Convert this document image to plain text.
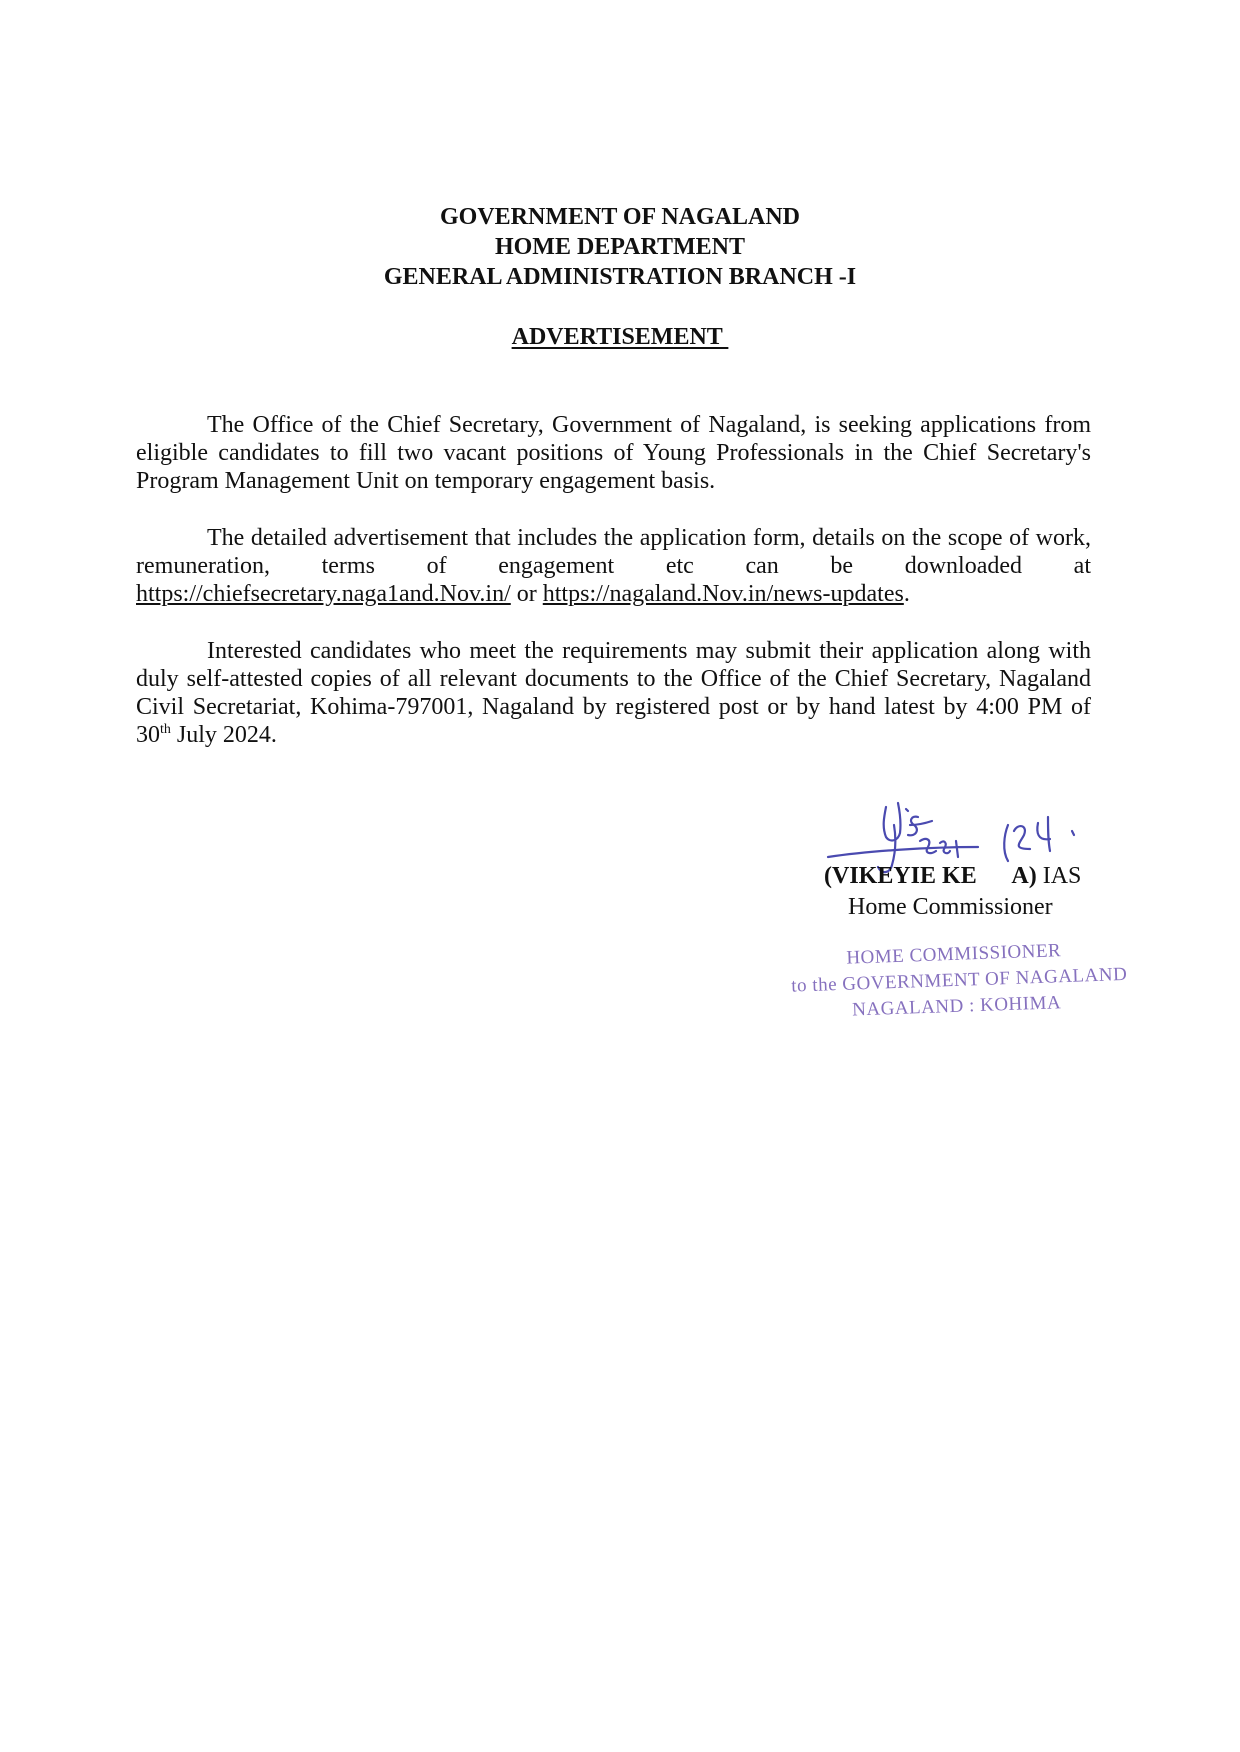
GOVERNMENT OF NAGALAND
HOME DEPARTMENT
GENERAL ADMINISTRATION BRANCH -I
ADVERTISEMENT
The Office of the Chief Secretary, Government of Nagaland, is seeking applications from eligible candidates to fill two vacant positions of Young Professionals in the Chief Secretary's Program Management Unit on temporary engagement basis.
The detailed advertisement that includes the application form, details on the scope of work, remuneration, terms of engagement etc can be downloaded at https://chiefsecretary.naga1and.Nov.in/ or https://nagaland.Nov.in/news-updates.
Interested candidates who meet the requirements may submit their application along with duly self-attested copies of all relevant documents to the Office of the Chief Secretary, Nagaland Civil Secretariat, Kohima-797001, Nagaland by registered post or by hand latest by 4:00 PM of 30th July 2024.
24
(VIKEYIE KE      A) IAS
Home Commissioner
HOME COMMISSIONER
to the GOVERNMENT OF NAGALAND
NAGALAND : KOHIMA
